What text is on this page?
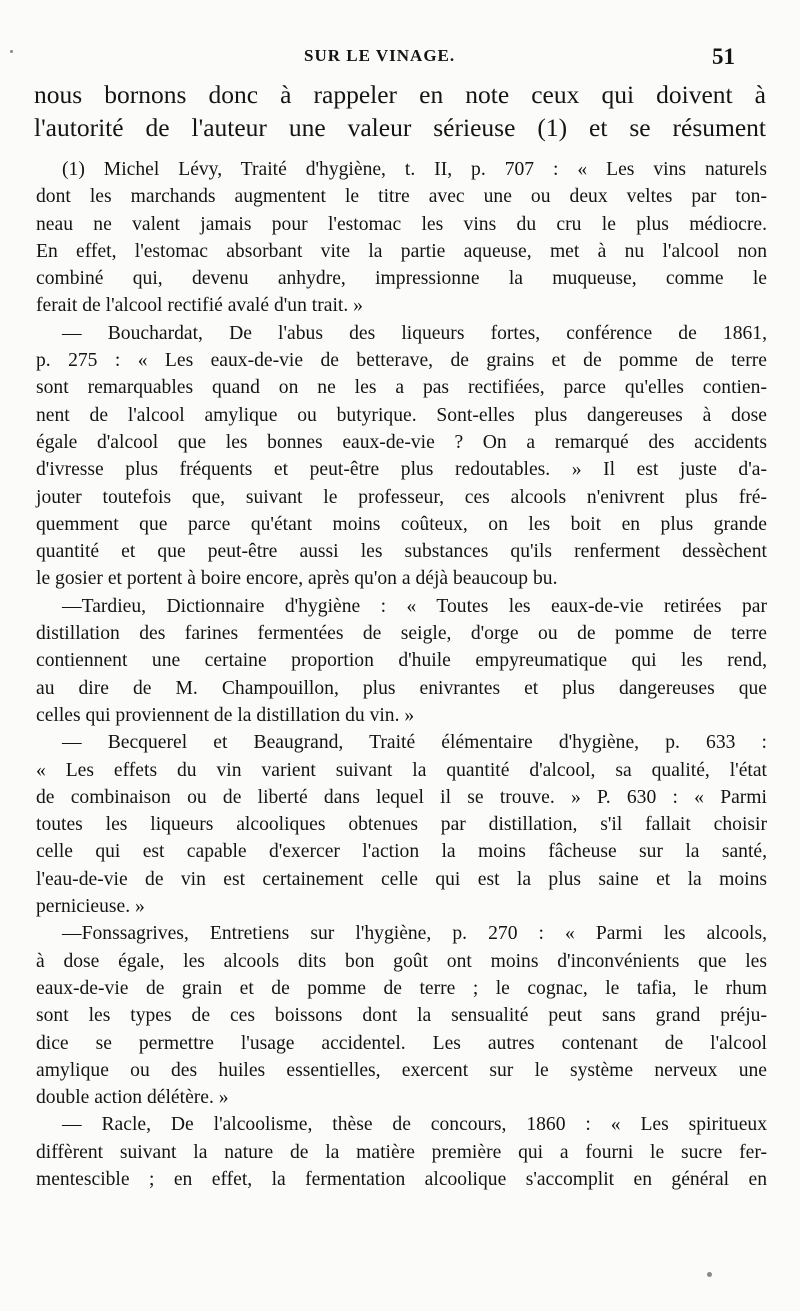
SUR LE VINAGE.	51
nous bornons donc à rappeler en note ceux qui doivent à
l'autorité de l'auteur une valeur sérieuse (1) et se résument
(1) Michel Lévy, Traité d'hygiène, t. II, p. 707 : « Les vins naturels
dont les marchands augmentent le titre avec une ou deux veltes par ton-
neau ne valent jamais pour l'estomac les vins du cru le plus médiocre.
En effet, l'estomac absorbant vite la partie aqueuse, met à nu l'alcool non
combiné qui, devenu anhydre, impressionne la muqueuse, comme le
ferait de l'alcool rectifié avalé d'un trait. »
— Bouchardat, De l'abus des liqueurs fortes, conférence de 1861,
p. 275 : « Les eaux-de-vie de betterave, de grains et de pomme de terre
sont remarquables quand on ne les a pas rectifiées, parce qu'elles contien-
nent de l'alcool amylique ou butyrique. Sont-elles plus dangereuses à dose
égale d'alcool que les bonnes eaux-de-vie ? On a remarqué des accidents
d'ivresse plus fréquents et peut-être plus redoutables. » Il est juste d'a-
jouter toutefois que, suivant le professeur, ces alcools n'enivrent plus fré-
quemment que parce qu'étant moins coûteux, on les boit en plus grande
quantité et que peut-être aussi les substances qu'ils renferment dessèchent
le gosier et portent à boire encore, après qu'on a déjà beaucoup bu.
—Tardieu, Dictionnaire d'hygiène : « Toutes les eaux-de-vie retirées par
distillation des farines fermentées de seigle, d'orge ou de pomme de terre
contiennent une certaine proportion d'huile empyreumatique qui les rend,
au dire de M. Champouillon, plus enivrantes et plus dangereuses que
celles qui proviennent de la distillation du vin. »
— Becquerel et Beaugrand, Traité élémentaire d'hygiène, p. 633 :
« Les effets du vin varient suivant la quantité d'alcool, sa qualité, l'état
de combinaison ou de liberté dans lequel il se trouve. » P. 630 : « Parmi
toutes les liqueurs alcooliques obtenues par distillation, s'il fallait choisir
celle qui est capable d'exercer l'action la moins fâcheuse sur la santé,
l'eau-de-vie de vin est certainement celle qui est la plus saine et la moins
pernicieuse. »
—Fonssagrives, Entretiens sur l'hygiène, p. 270 : « Parmi les alcools,
à dose égale, les alcools dits bon goût ont moins d'inconvénients que les
eaux-de-vie de grain et de pomme de terre ; le cognac, le tafia, le rhum
sont les types de ces boissons dont la sensualité peut sans grand préju-
dice se permettre l'usage accidentel. Les autres contenant de l'alcool
amylique ou des huiles essentielles, exercent sur le système nerveux une
double action délétère. »
— Racle, De l'alcoolisme, thèse de concours, 1860 : « Les spiritueux
diffèrent suivant la nature de la matière première qui a fourni le sucre fer-
mentescible ; en effet, la fermentation alcoolique s'accomplit en général en
